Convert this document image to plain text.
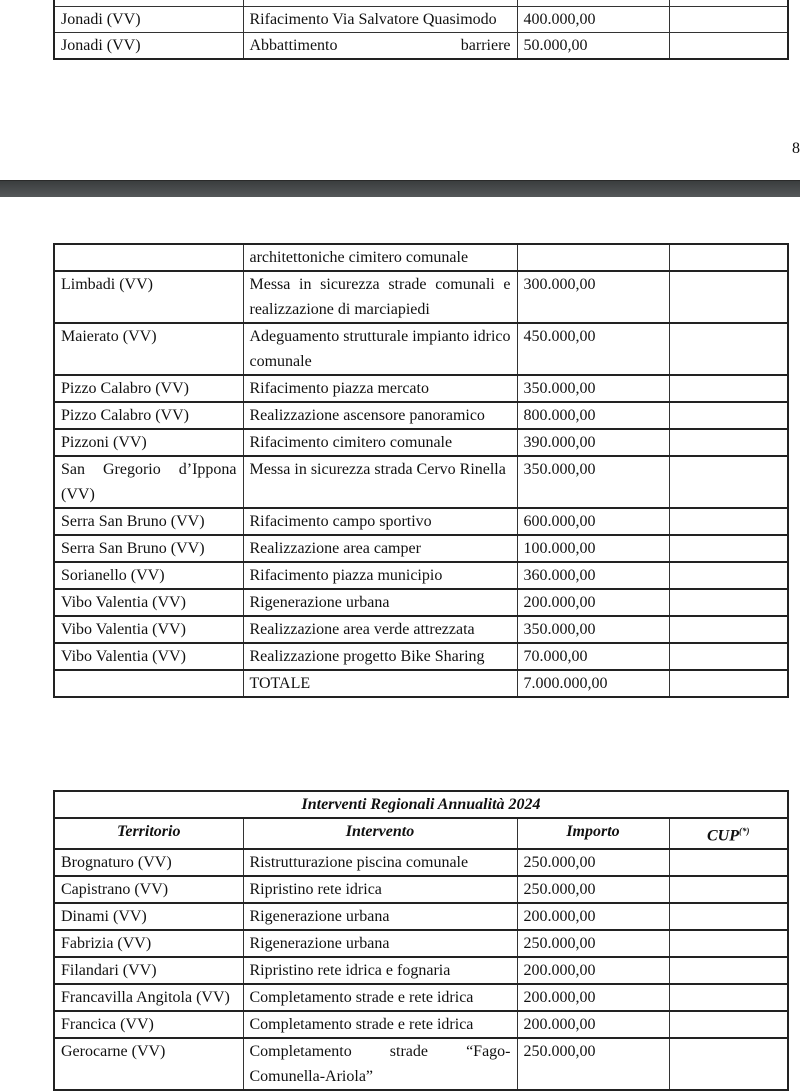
Jonadi (VV)	Rifacimento Via Salvatore Quasimodo	400.000,00	
Jonadi (VV)	Abbattimento barriere	50.000,00	
8
	architettoniche cimitero comunale		
Limbadi (VV)	Messa in sicurezza strade comunali e realizzazione di marciapiedi	300.000,00	
Maierato (VV)	Adeguamento strutturale impianto idrico comunale	450.000,00	
Pizzo Calabro (VV)	Rifacimento piazza mercato	350.000,00	
Pizzo Calabro (VV)	Realizzazione ascensore panoramico	800.000,00	
Pizzoni (VV)	Rifacimento cimitero comunale	390.000,00	
San Gregorio d’Ippona (VV)	Messa in sicurezza strada Cervo Rinella	350.000,00	
Serra San Bruno (VV)	Rifacimento campo sportivo	600.000,00	
Serra San Bruno (VV)	Realizzazione area camper	100.000,00	
Sorianello (VV)	Rifacimento piazza municipio	360.000,00	
Vibo Valentia (VV)	Rigenerazione urbana	200.000,00	
Vibo Valentia (VV)	Realizzazione area verde attrezzata	350.000,00	
Vibo Valentia (VV)	Realizzazione progetto Bike Sharing	70.000,00	
	TOTALE	7.000.000,00	
Interventi Regionali Annualità 2024			
Territorio	Intervento	Importo	CUP(*)
Brognaturo (VV)	Ristrutturazione piscina comunale	250.000,00	
Capistrano (VV)	Ripristino rete idrica	250.000,00	
Dinami (VV)	Rigenerazione urbana	200.000,00	
Fabrizia (VV)	Rigenerazione urbana	250.000,00	
Filandari (VV)	Ripristino rete idrica e fognaria	200.000,00	
Francavilla Angitola (VV)	Completamento strade e rete idrica	200.000,00	
Francica (VV)	Completamento strade e rete idrica	200.000,00	
Gerocarne (VV)	Completamento strade “Fago-Comunella-Ariola”	250.000,00	
